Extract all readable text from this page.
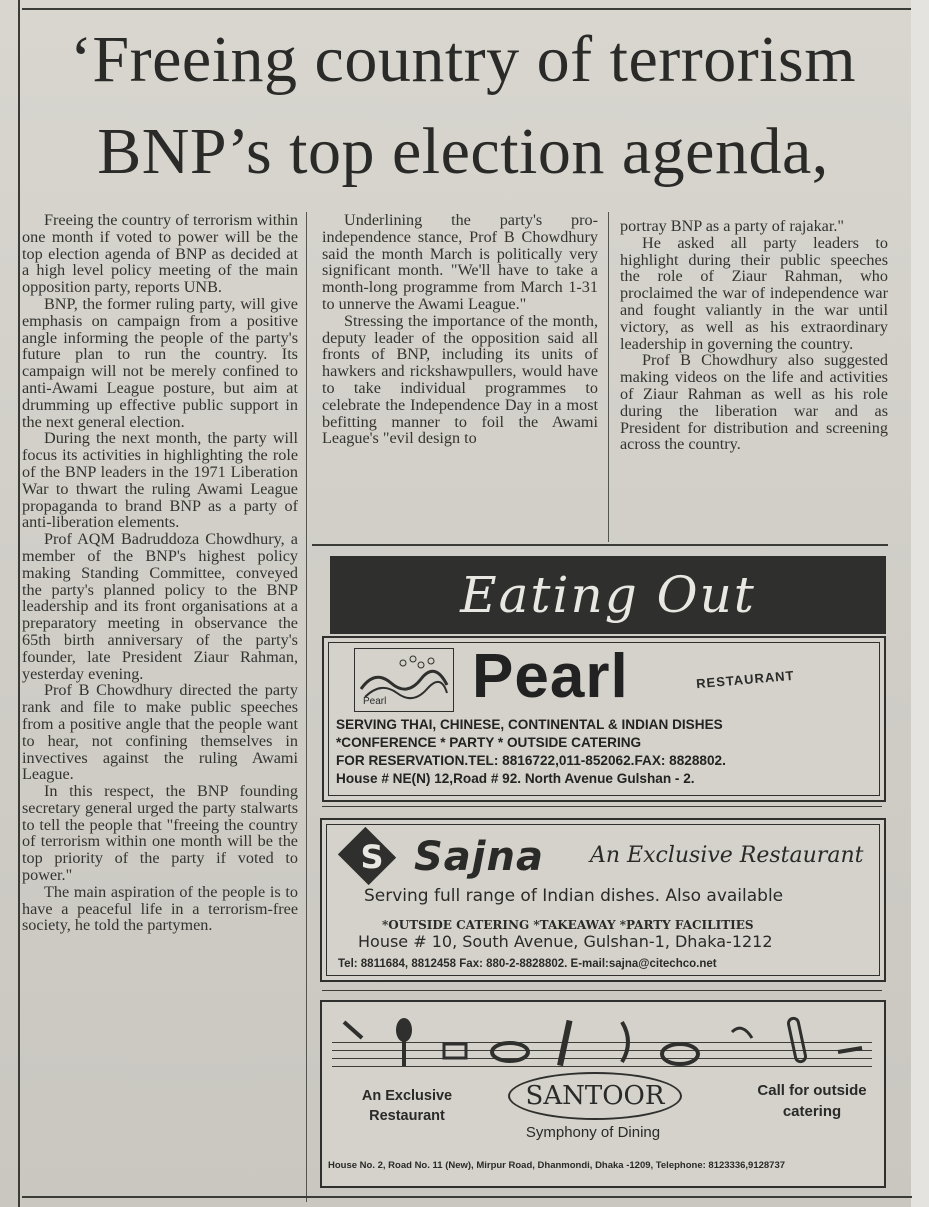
‘Freeing country of terrorism
BNP’s top election agenda,

Freeing the country of terrorism within one month if voted to power will be the top election agenda of BNP as decided at a high level policy meeting of the main opposition party, reports UNB.

BNP, the former ruling party, will give emphasis on campaign from a positive angle informing the people of the party's future plan to run the country. Its campaign will not be merely confined to anti-Awami League posture, but aim at drumming up effective public support in the next general election.

During the next month, the party will focus its activities in highlighting the role of the BNP leaders in the 1971 Liberation War to thwart the ruling Awami League propaganda to brand BNP as a party of anti-liberation elements.

Prof AQM Badruddoza Chowdhury, a member of the BNP's highest policy making Standing Committee, conveyed the party's planned policy to the BNP leadership and its front organisations at a preparatory meeting in observance the 65th birth anniversary of the party's founder, late President Ziaur Rahman, yesterday evening.

Prof B Chowdhury directed the party rank and file to make public speeches from a positive angle that the people want to hear, not confining themselves in invectives against the ruling Awami League.

In this respect, the BNP founding secretary general urged the party stalwarts to tell the people that "freeing the country of terrorism within one month will be the top priority of the party if voted to power."

The main aspiration of the people is to have a peaceful life in a terrorism-free society, he told the partymen.

Underlining the party's pro-independence stance, Prof B Chowdhury said the month March is politically very significant month. "We'll have to take a month-long programme from March 1-31 to unnerve the Awami League."

Stressing the importance of the month, deputy leader of the opposition said all fronts of BNP, including its units of hawkers and rickshawpullers, would have to take individual programmes to celebrate the Independence Day in a most befitting manner to foil the Awami League's "evil design to

portray BNP as a party of rajakar."

He asked all party leaders to highlight during their public speeches the role of Ziaur Rahman, who proclaimed the war of independence war and fought valiantly in the war until victory, as well as his extraordinary leadership in governing the country.

Prof B Chowdhury also suggested making videos on the life and activities of Ziaur Rahman as well as his role during the liberation war and as President for distribution and screening across the country.

Eating Out
Pearl Pearl	RESTAURANT
SERVING THAI, CHINESE, CONTINENTAL & INDIAN DISHES
*CONFERENCE * PARTY * OUTSIDE CATERING
FOR RESERVATION.TEL: 8816722,011-852062.FAX: 8828802.
House # NE(N) 12,Road # 92. North Avenue Gulshan - 2.
S Sajna An Exclusive Restaurant
Serving full range of Indian dishes. Also available
*OUTSIDE CATERING *TAKEAWAY *PARTY FACILITIES
House # 10, South Avenue, Gulshan-1, Dhaka-1212
Tel: 8811684, 8812458 Fax: 880-2-8828802. E-mail:sajna@citechco.net
An Exclusive Restaurant
SANTOOR
Symphony of Dining
Call for outside catering
House No. 2, Road No. 11 (New), Mirpur Road, Dhanmondi, Dhaka -1209, Telephone: 8123336,9128737
